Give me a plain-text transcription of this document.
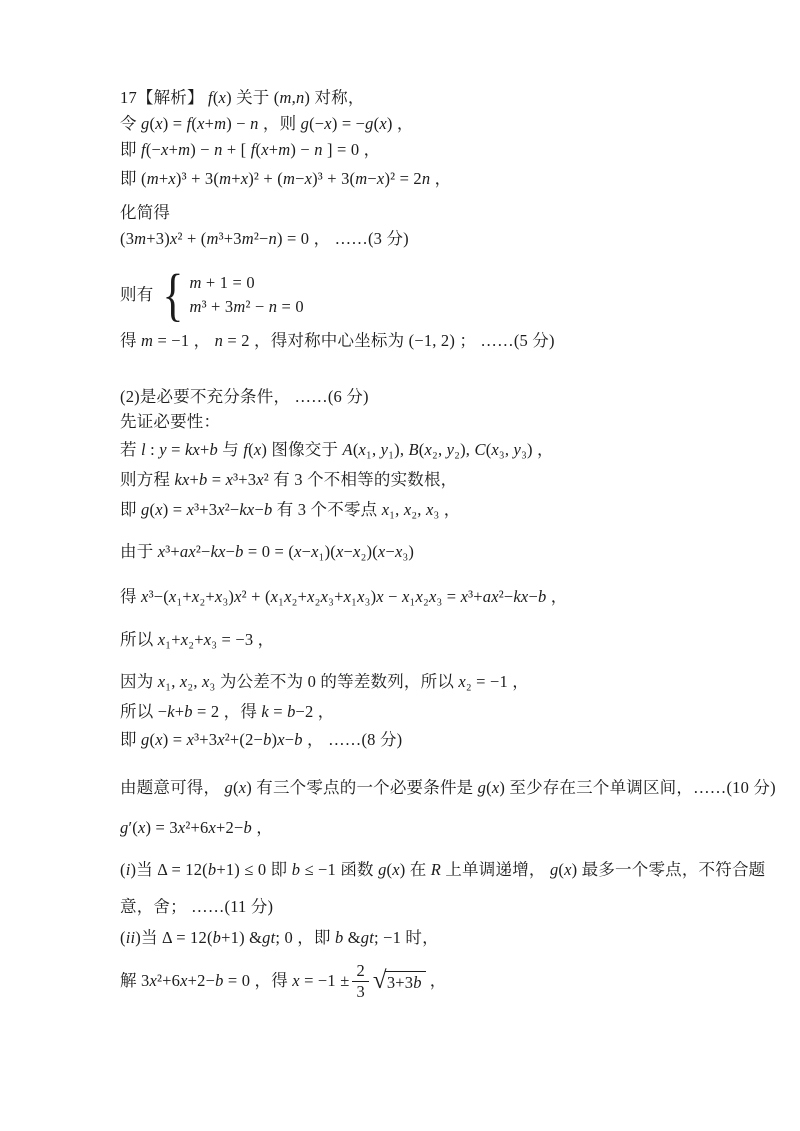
17【解析】 f(x) 关于 (m,n) 对称，
令 g(x) = f(x+m) − n ，则 g(−x) = −g(x) ，
即 f(−x+m) − n + [ f(x+m) − n ] = 0 ，
即 (m+x)³ + 3(m+x)² + (m−x)³ + 3(m−x)² = 2n ，
化简得
(3m+3)x² + (m³+3m²−n) = 0 ， ……(3 分)
则有 { m + 1 = 0
m³ + 3m² − n = 0
得 m = −1 ， n = 2 ，得对称中心坐标为 (−1, 2) ； ……(5 分)
(2)是必要不充分条件， ……(6 分)
先证必要性：
若 l : y = kx+b 与 f(x) 图像交于 A(x₁, y₁), B(x₂, y₂), C(x₃, y₃) ，
则方程 kx+b = x³+3x² 有 3 个不相等的实数根，
即 g(x) = x³+3x²−kx−b 有 3 个不零点 x₁, x₂, x₃ ，
由于 x³+ax²−kx−b = 0 = (x−x₁)(x−x₂)(x−x₃)
得 x³−(x₁+x₂+x₃)x² + (x₁x₂+x₂x₃+x₁x₃)x − x₁x₂x₃ = x³+ax²−kx−b ，
所以 x₁+x₂+x₃ = −3 ，
因为 x₁, x₂, x₃ 为公差不为 0 的等差数列，所以 x₂ = −1 ，
所以 −k+b = 2 ，得 k = b−2 ，
即 g(x) = x³+3x²+(2−b)x−b ， ……(8 分)
由题意可得， g(x) 有三个零点的一个必要条件是 g(x) 至少存在三个单调区间，……(10 分)
g′(x) = 3x²+6x+2−b ，
(i)当 Δ = 12(b+1) ≤ 0 即 b ≤ −1 函数 g(x) 在 R 上单调递增， g(x) 最多一个零点，不符合题
意，舍； ……(11 分)
(ii)当 Δ = 12(b+1) &gt; 0 ，即 b &gt; −1 时，
解 3x²+6x+2−b = 0 ，得 $x = -1 \pm \frac{2}{3}$ √ 3+3b ，
